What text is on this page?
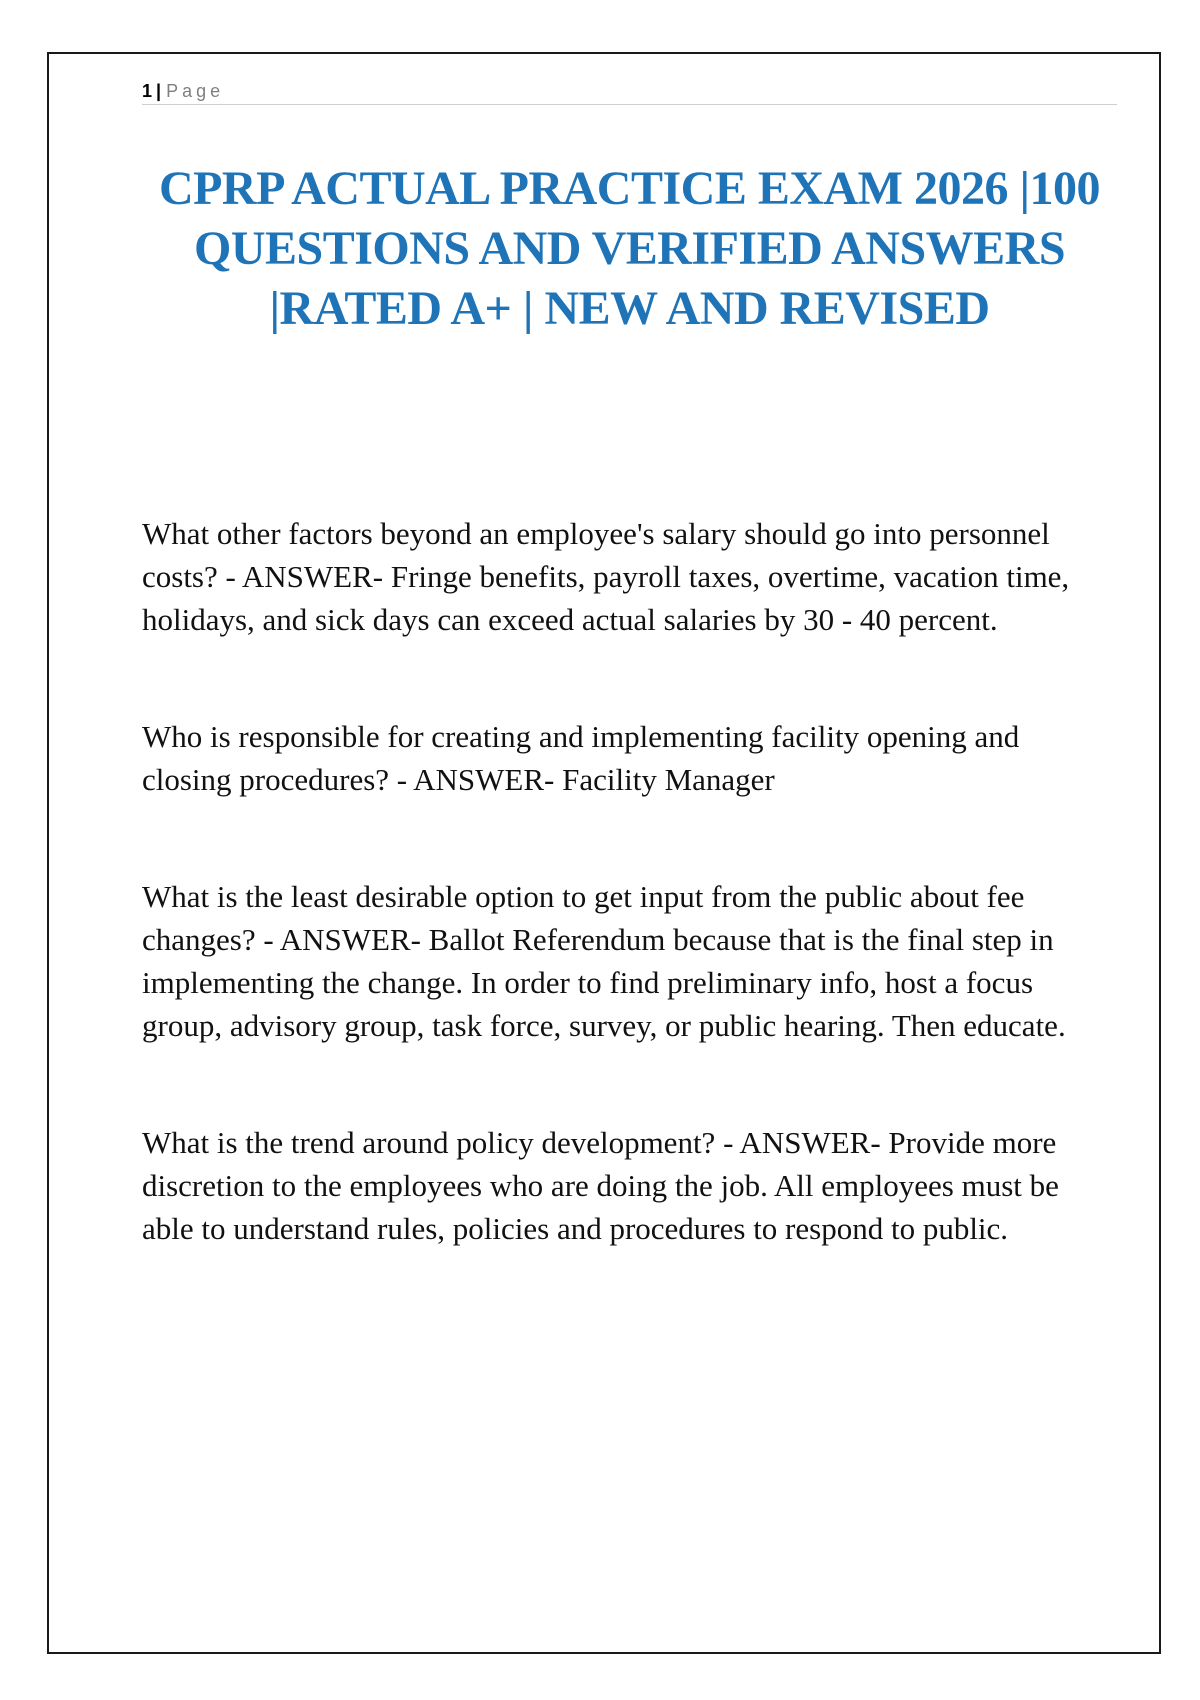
1 | Page
CPRP ACTUAL PRACTICE EXAM 2026 |100 QUESTIONS AND VERIFIED ANSWERS |RATED A+ | NEW AND REVISED

What other factors beyond an employee's salary should go into personnel costs? - ANSWER- Fringe benefits, payroll taxes, overtime, vacation time, holidays, and sick days can exceed actual salaries by 30 - 40 percent.

Who is responsible for creating and implementing facility opening and closing procedures? - ANSWER- Facility Manager

What is the least desirable option to get input from the public about fee changes? - ANSWER- Ballot Referendum because that is the final step in implementing the change. In order to find preliminary info, host a focus group, advisory group, task force, survey, or public hearing. Then educate.

What is the trend around policy development? - ANSWER- Provide more discretion to the employees who are doing the job. All employees must be able to understand rules, policies and procedures to respond to public.
